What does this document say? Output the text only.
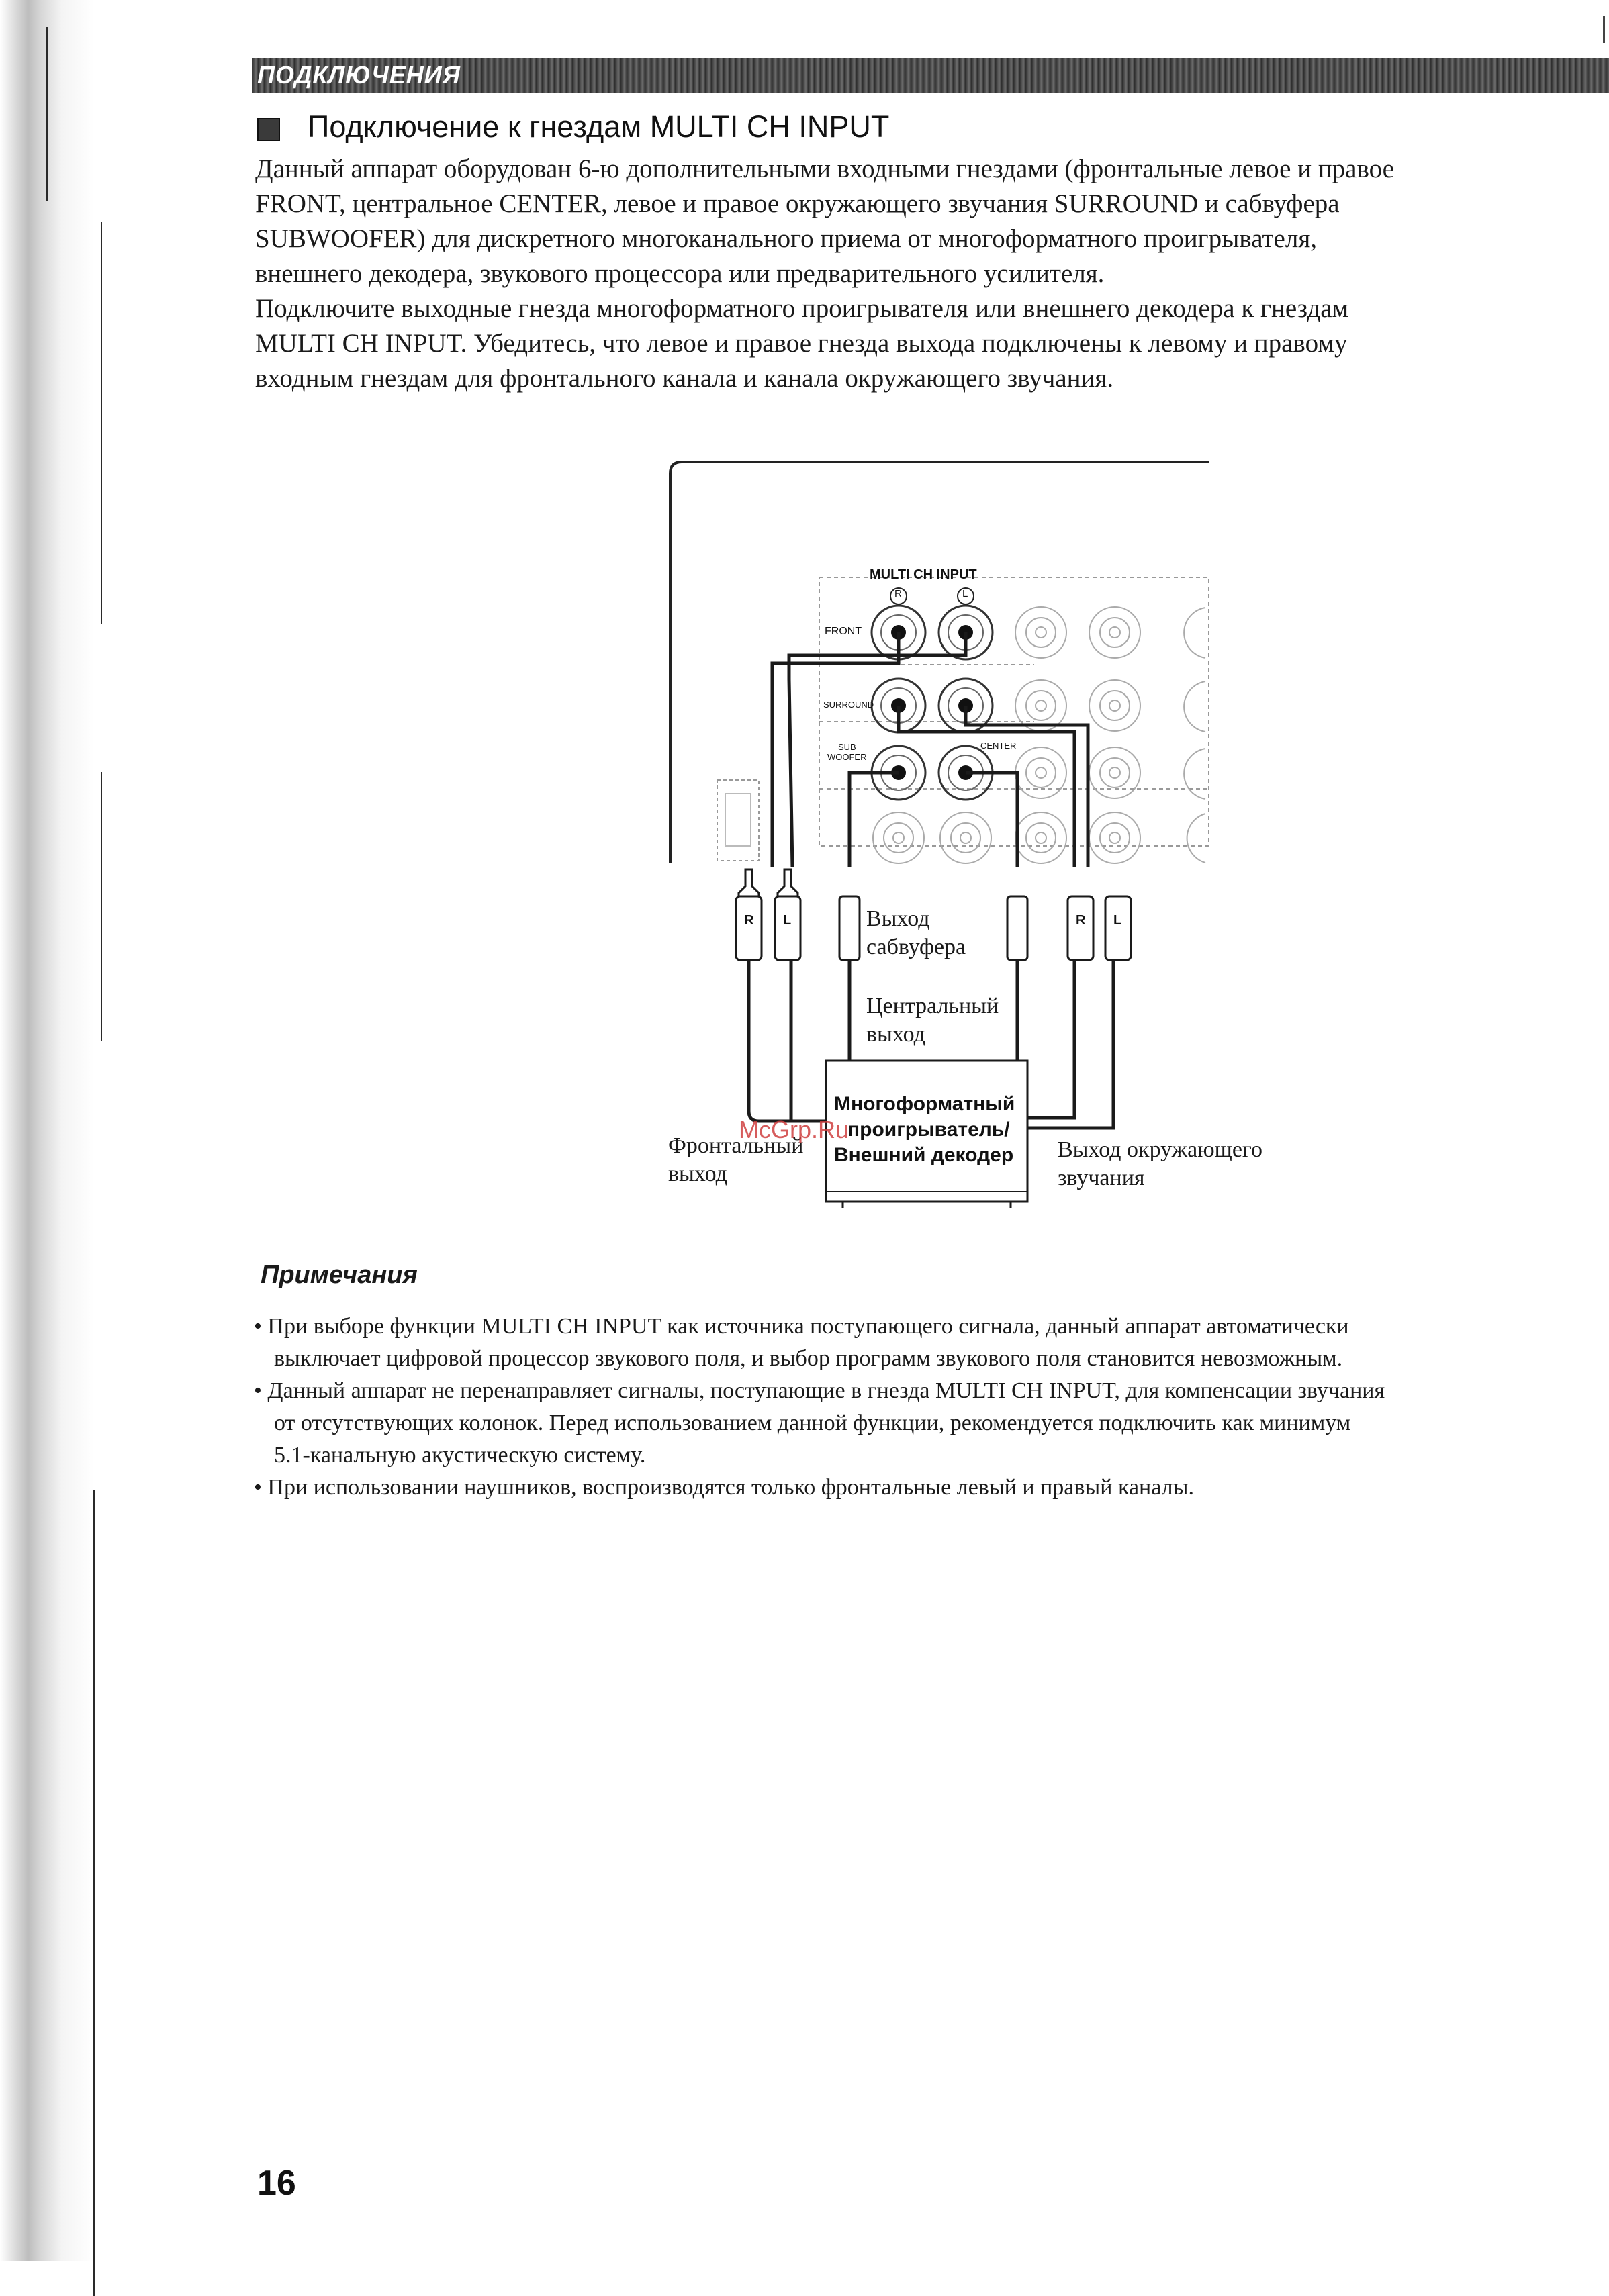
ПОДКЛЮЧЕНИЯ
Подключение к гнездам MULTI CH INPUT
Данный аппарат оборудован 6-ю дополнительными входными гнездами (фронтальные левое и правое
FRONT, центральное CENTER, левое и правое окружающего звучания SURROUND и сабвуфера
SUBWOOFER) для дискретного многоканального приема от многоформатного проигрывателя,
внешнего декодера, звукового процессора или предварительного усилителя.
Подключите выходные гнезда многоформатного проигрывателя или внешнего декодера к гнездам
MULTI CH INPUT. Убедитесь, что левое и правое гнезда выхода подключены к левому и правому
входным гнездам для фронтального канала и канала окружающего звучания.
MULTI CH INPUT
R	L
FRONT
SURROUND
SUB
WOOFER
CENTER
R L	R L
Выход
сабвуфера
Центральный
выход
Многоформатный
проигрыватель/
Внешний декодер
Фронтальный
выход
Выход окружающего
звучания
McGrp.Ru
Примечания
• При выборе функции MULTI CH INPUT как источника поступающего сигнала, данный аппарат автоматически
выключает цифровой процессор звукового поля, и выбор программ звукового поля становится невозможным.
• Данный аппарат не перенаправляет сигналы, поступающие в гнезда MULTI CH INPUT, для компенсации звучания
от отсутствующих колонок. Перед использованием данной функции, рекомендуется подключить как минимум
5.1-канальную акустическую систему.
• При использовании наушников, воспроизводятся только фронтальные левый и правый каналы.
16
